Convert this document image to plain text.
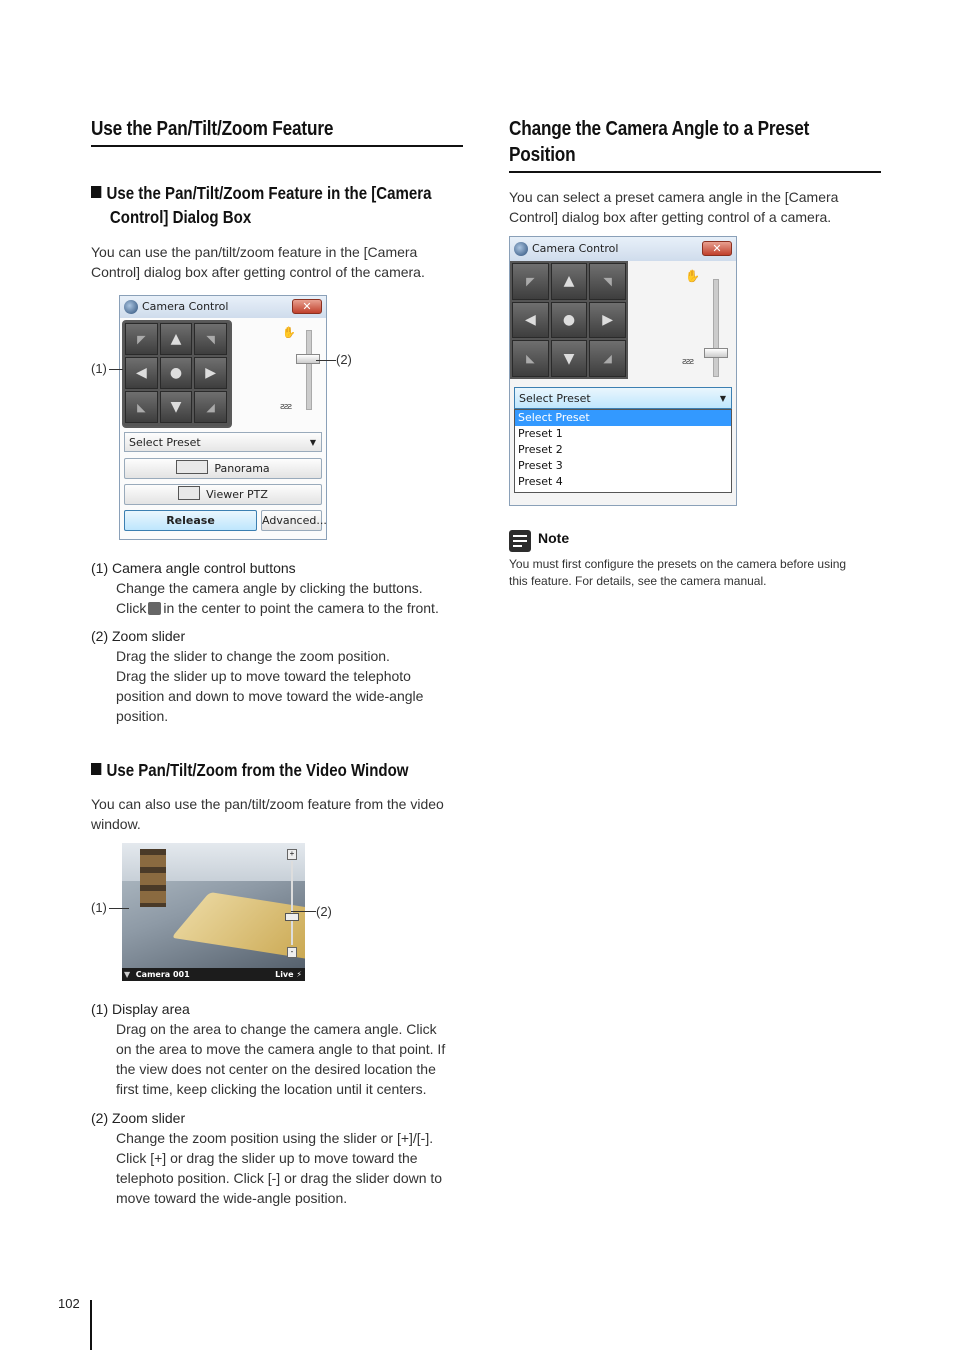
Use the Pan/Tilt/Zoom Feature
Use the Pan/Tilt/Zoom Feature in the [Camera
Control] Dialog Box

You can use the pan/tilt/zoom feature in the [Camera
Control] dialog box after getting control of the camera.

Camera Control	✕
◤	▲	◥
◀	●	▶
◣	▼	◢
✋
ƨƨƨ
Select Preset	▼
Panorama
Viewer PTZ
Release	Advanced...
(1)
(2)
(1) Camera angle control buttons
Change the camera angle by clicking the buttons.
Click in the center to point the camera to the front.
(2) Zoom slider
Drag the slider to change the zoom position.
Drag the slider up to move toward the telephoto
position and down to move toward the wide-angle
position.
Use Pan/Tilt/Zoom from the Video Window

You can also use the pan/tilt/zoom feature from the video
window.

+
-
▼ Camera 001	Live ⚡
(1)	(2)
(1) Display area
Drag on the area to change the camera angle. Click
on the area to move the camera angle to that point. If
the view does not center on the desired location the
first time, keep clicking the location until it centers.
(2) Zoom slider
Change the zoom position using the slider or [+]/[-].
Click [+] or drag the slider up to move toward the
telephoto position. Click [-] or drag the slider down to
move toward the wide-angle position.
Change the Camera Angle to a Preset
Position

You can select a preset camera angle in the [Camera
Control] dialog box after getting control of a camera.

Camera Control	✕
◤	▲	◥
◀	●	▶
◣	▼	◢
✋
ƨƨƨ
Select Preset	▼
Select Preset
Preset 1
Preset 2
Preset 3
Preset 4
Note
You must first configure the presets on the camera before using
this feature. For details, see the camera manual.
102
